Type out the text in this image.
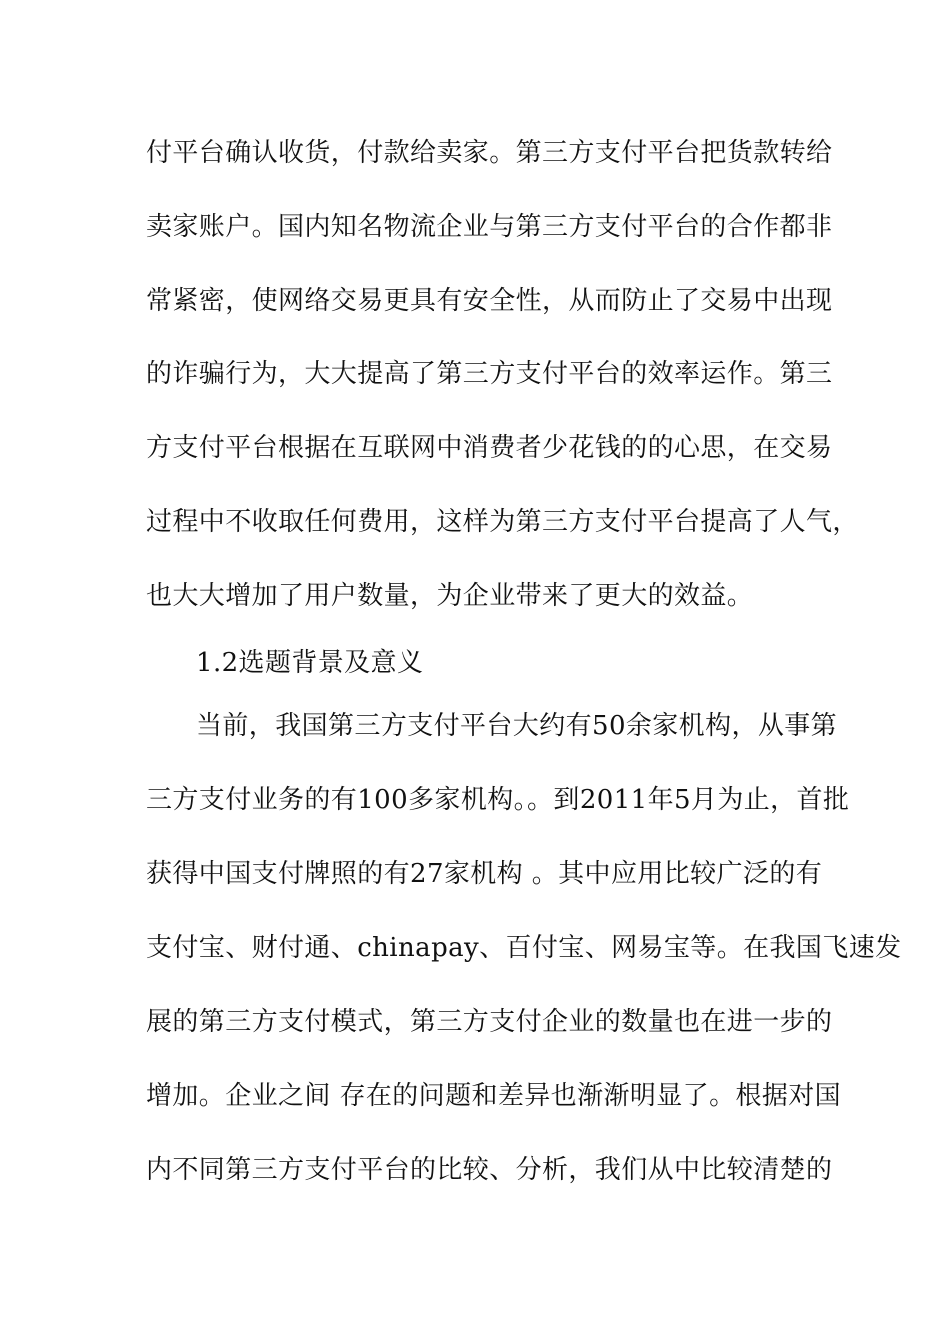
付平台确认收货，付款给卖家。第三方支付平台把货款转给
卖家账户。国内知名物流企业与第三方支付平台的合作都非
常紧密，使网络交易更具有安全性，从而防止了交易中出现
的诈骗行为，大大提高了第三方支付平台的效率运作。第三
方支付平台根据在互联网中消费者少花钱的的心思，在交易
过程中不收取任何费用，这样为第三方支付平台提高了人气，
也大大增加了用户数量，为企业带来了更大的效益。
1.2选题背景及意义
当前，我国第三方支付平台大约有50余家机构，从事第
三方支付业务的有100多家机构。。到2011年5月为止，首批
获得中国支付牌照的有27家机构 。其中应用比较广泛的有
支付宝、财付通、chinapay、百付宝、网易宝等。在我国飞速发
展的第三方支付模式，第三方支付企业的数量也在进一步的
增加。企业之间 存在的问题和差异也渐渐明显了。根据对国
内不同第三方支付平台的比较、分析，我们从中比较清楚的
